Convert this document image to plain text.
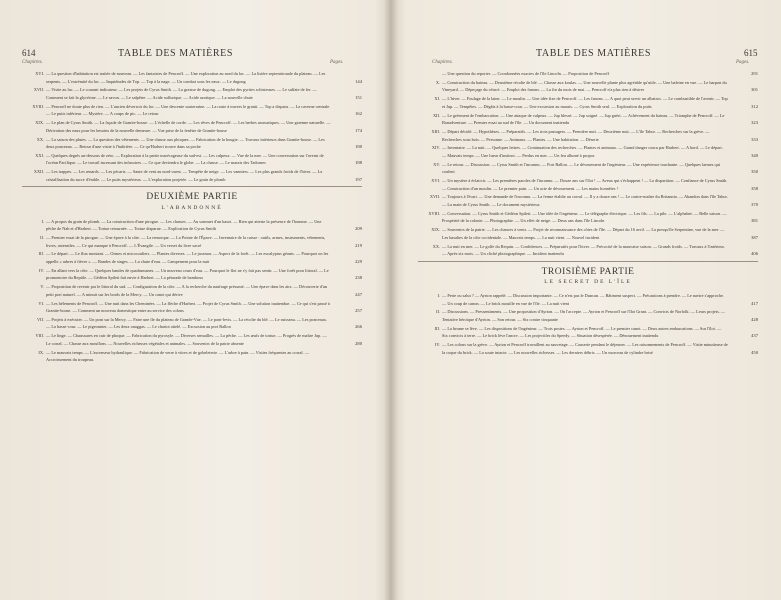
614	TABLE DES MATIÈRES
Chapitres.	Pages.
XVI. — La question d'habitation est traitée de nouveau. — Les fantaisies de Pencroff. — Une exploration au nord du lac. — La lisière septentrionale du plateau. — Les serpents. — L'extrémité du lac. — Inquiétudes de Top. — Top à la nage. — Un combat sous les eaux. — Le dugong	144
XVII. — Visite au lac. — Le courant indicateur. — Les projets de Cyrus Smith. — La graisse de dugong. — Emploi des pyrites schisteuses. — Le sulfate de fer. — Comment se fait la glycérine. — Le savon. — Le salpêtre. — Acide sulfurique. — Acide azotique. — La nouvelle chute	151
XVIII. — Pencroff ne doute plus de rien. — L'ancien déversoir du lac. — Une descente souterraine. — La route à travers le granit. — Top a disparu. — La caverne centrale. — Le puits inférieur. — Mystère. — A coups de pic. — Le retour	162
XIX. — Le plan de Cyrus Smith. — La façade de Granite-house. — L'échelle de corde. — Les rêves de Pencroff. — Les herbes aromatiques. — Une garenne naturelle. — Dérivation des eaux pour les besoins de la nouvelle demeure. — Vue prise de la fenêtre de Granite-house	174
XX. — La saison des pluies. — La question des vêtements. — Une chasse aux phoques. — Fabrication de la bougie. — Travaux intérieurs dans Granite-house. — Les deux ponceaux. — Retour d'une visite à l'huîtrière. — Ce qu'Harbert trouve dans sa poche	180
XXI. — Quelques degrés au-dessous de zéro. — Exploration à la partie marécageuse du sud-est. — Les culpeux. — Vue de la mer. — Une conversation sur l'avenir de l'océan Pacifique. — Le travail incessant des infusoires. — Ce que deviendra le globe. — La chasse. — Le marais des Tadornes	188
XXII. — Les trappes. — Les renards. — Les pécaris. — Saute de vent au nord-ouest. — Tempête de neige. — Les vanniers. — Les plus grands froids de l'hiver. — La cristallisation du sucre d'érable. — Le puits mystérieux. — L'exploration projetée. — Le grain de plomb	197
DEUXIÈME PARTIE
L'ABANDONNÉ
I. — A propos du grain de plomb. — La construction d'une pirogue. — Les chasses. — Au sommet d'un kauri. — Rien qui atteste la présence de l'homme. — Une pêche de Nab et d'Harbert. — Tortue retournée. — Tortue disparue. — Explication de Cyrus Smith	209
II. — Premier essai de la pirogue. — Une épave à la côte. — La remorque. — La Pointe de l'Épave. — Inventaire de la caisse : outils, armes, instruments, vêtements, livres, ustensiles. — Ce qui manque à Pencroff. — L'Évangile. — Un verset du livre sacré	219
III. — Le départ. — Le flux montant. — Ormes et micocouliers. — Plantes diverses. — Le jacamar. — Aspect de la forêt. — Les eucalyptus géants. — Pourquoi on les appelle « arbres à fièvre ». — Bandes de singes. — La chute d'eau. — Campement pour la nuit	229
IV. — En allant vers la côte. — Quelques bandes de quadrumanes. — Un nouveau cours d'eau. — Pourquoi le flot ne s'y fait pas sentir. — Une forêt pour littoral. — Le promontoire du Reptile. — Gédéon Spilett fait envie à Harbert. — La pétarade de bambous	238
V. — Proposition de revenir par le littoral du sud. — Configuration de la côte. — A la recherche du naufrage présumé. — Une épave dans les airs. — Découverte d'un petit port naturel. — A minuit sur les bords de la Mercy. — Un canot qui dérive	247
VI. — Les hélements de Pencroff. — Une nuit dans les Cheminées. — La flèche d'Harbert. — Projet de Cyrus Smith. — Une solution inattendue. — Ce qui s'est passé à Granite-house. — Comment un nouveau domestique entre au service des colons	257
VII. — Projets à exécuter. — Un pont sur la Mercy. — Faire une île du plateau de Grande-Vue. — Le pont-levis. — La récolte du blé. — Le ruisseau. — Les ponceaux. — La basse-cour. — Le pigeonnier. — Les deux onaggas. — Le chariot attelé. — Excursion au port Ballon	266
VIII. — Le linge. — Chaussures en cuir de phoque. — Fabrication du pyroxyle. — Diverses semailles. — La pêche. — Les œufs de tortue. — Progrès de maître Jup. — Le corral. — Chasse aux mouflons. — Nouvelles richesses végétales et animales. — Souvenirs de la patrie absente	280
IX. — Le mauvais temps. — L'ascenseur hydraulique. — Fabrication de verre à vitres et de gobeleterie. — L'arbre à pain. — Visites fréquentes au corral. — Accroissement du troupeau.
TABLE DES MATIÈRES	615
Chapitres.	Pages.
— Une question du reporter. — Coordonnées exactes de l'île Lincoln. — Proposition de Pencroff	291
X. — Construction du bateau. — Deuxième récolte de blé. — Chasse aux koulas. — Une nouvelle plante plus agréable qu'utile. — Une baleine en vue. — Le harpon du Vineyard. — Dépeçage du cétacé. — Emploi des fanons. — La fin du mois de mai. — Pencroff n'a plus rien à désirer	301
XI. — L'hiver. — Foulage de la laine. — Le moulin. — Une idée fixe de Pencroff. — Les fanons. — A quoi peut servir un albatros. — Le combustible de l'avenir. — Top et Jup. — Tempêtes. — Dégâts à la basse-cour. — Une excursion au marais. — Cyrus Smith seul. — Exploration du puits	312
XII. — Le gréement de l'embarcation. — Une attaque de culpeux. — Jup blessé. — Jup soigné. — Jup guéri. — Achèvement du bateau. — Triomphe de Pencroff. — Le Bonadventure. — Premier essai au sud de l'île. — Un document inattendu	323
XIII. — Départ décidé. — Hypothèses. — Préparatifs. — Les trois passagers. — Première nuit. — Deuxième nuit. — L'île Tabor. — Recherches sur la grève. — Recherches sous bois. — Personne. — Animaux. — Plantes. — Une habitation. — Déserte	333
XIV. — Inventaire. — La nuit. — Quelques lettres. — Continuation des recherches. — Plantes et animaux. — Grand danger couru par Harbert. — A bord. — Le départ. — Mauvais temps. — Une lueur d'instinct. — Perdus en mer. — Un feu allumé à propos	340
XV. — Le retour. — Discussion. — Cyrus Smith et l'inconnu. — Port Ballon. — Le dévouement de l'ingénieur. — Une expérience touchante. — Quelques larmes qui coulent	350
XVI. — Un mystère à éclaircir. — Les premières paroles de l'inconnu. — Douze ans sur l'îlot ! — Aveux qui s'échappent ! — La disparition. — Confiance de Cyrus Smith. — Construction d'un moulin. — Le premier pain. — Un acte de dévouement. — Les mains honnêtes !	358
XVII. — Toujours à l'écart. — Une demande de l'inconnu. — La ferme établie au corral. — Il y a douze ans ! — Le contre-maître du Britannia. — Abandon dans l'île Tabor. — La main de Cyrus Smith. — Le document mystérieux	370
XVIII. — Conversation. — Cyrus Smith et Gédéon Spilett. — Une idée de l'ingénieur. — Le télégraphe électrique. — Les fils. — La pile. — L'alphabet. — Belle saison. — Prospérité de la colonie. — Photographie. — Un effet de neige. — Deux ans dans l'île Lincoln	381
XIX. — Souvenirs de la patrie. — Les chances à venir. — Projet de reconnaissance des côtes de l'île. — Départ du 16 avril. — La presqu'île Serpentine, vue de la mer. — Les basaltes de la côte occidentale. — Mauvais temps. — La nuit vient. — Nouvel incident	387
XX. — La nuit en mer. — Le golfe du Requin. — Confidences. — Préparatifs pour l'hiver. — Précocité de la mauvaise saison. — Grands froids. — Travaux à l'intérieur. — Après six mois. — Un cliché photographique. — Incident inattendu	406
TROISIÈME PARTIE
LE SECRET DE L'ÎLE
I. — Perte ou salut ? — Ayrton rappelé. — Discussion importante. — Ce n'est pas le Duncan. — Bâtiment suspect. — Précautions à prendre. — Le navire s'approche. — Un coup de canon. — Le brick mouille en vue de l'île. — La nuit vient	417
II. — Discussions. — Pressentiments. — Une proposition d'Ayrton. — On l'accepte. — Ayrton et Pencroff sur l'îlot Grant. — Convicts de Norfolk. — Leurs projets. — Tentative héroïque d'Ayrton. — Son retour. — Six contre cinquante	428
III. — La brume se lève. — Les dispositions de l'ingénieur. — Trois postes. — Ayrton et Pencroff. — Le premier canot. — Deux autres embarcations. — Sur l'îlot. — Six convicts à terre. — Le brick lève l'ancre. — Les projectiles du Speedy. — Situation désespérée. — Dénouement inattendu	437
IV. — Les colons sur la grève. — Ayrton et Pencroff travaillent au sauvetage. — Causerie pendant le déjeuner. — Les raisonnements de Pencroff. — Visite minutieuse de la coque du brick. — La soute intacte. — Les nouvelles richesses. — Les derniers débris. — Un morceau de cylindre brisé	450
